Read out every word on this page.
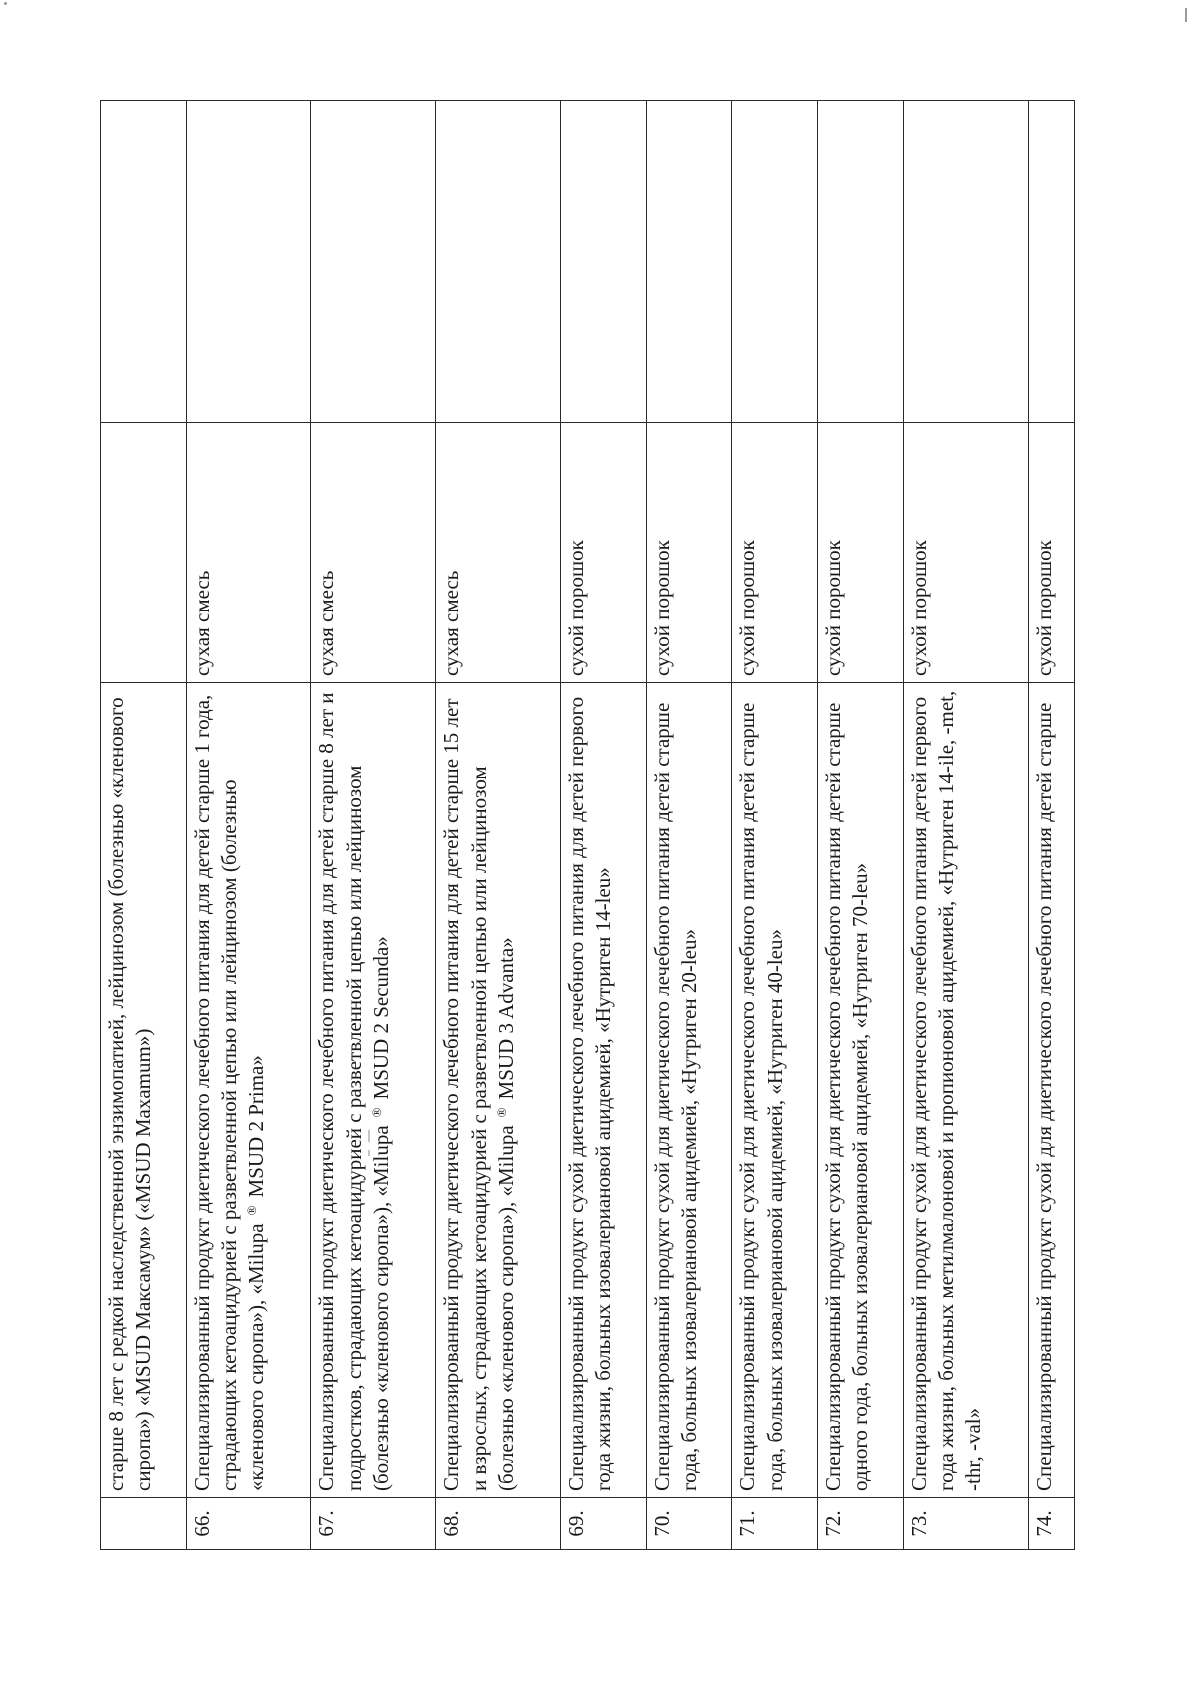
	старше 8 лет с редкой наследственной энзимопатией, лейцинозом (болезнью «кленового сиропа») «MSUD Максамум» («MSUD Maxamum»)		
66.	Специализированный продукт диетического лечебного питания для детей старше 1 года, страдающих кетоацидурией с разветвленной цепью или лейцинозом (болезнью «кленового сиропа»), «Milupa®MSUD 2 Prima»	сухая смесь	
67.	Специализированный продукт диетического лечебного питания для детей старше 8 лет и подростков, страдающих кетоацидурией с разветвленной цепью или лейцинозом (болезнью «кленового сиропа»), «Milupa®MSUD 2 Secunda»	сухая смесь	
68.	Специализированный продукт диетического лечебного питания для детей старше 15 лет и взрослых, страдающих кетоацидурией с разветвленной цепью или лейцинозом (болезнью «кленового сиропа»), «Milupa®MSUD 3 Advanta»	сухая смесь	
69.	Специализированный продукт сухой диетического лечебного питания для детей первого года жизни, больных изовалериановой ацидемией, «Нутриген 14-leu»	сухой порошок	
70.	Специализированный продукт сухой для диетического лечебного питания детей старше года, больных изовалериановой ацидемией, «Нутриген 20-leu»	сухой порошок	
71.	Специализированный продукт сухой для диетического лечебного питания детей старше года, больных изовалериановой ацидемией, «Нутриген 40-leu»	сухой порошок	
72.	Специализированный продукт сухой для диетического лечебного питания детей старше одного года, больных изовалериановой ацидемией, «Нутриген 70-leu»	сухой порошок	
73.	Специализированный продукт сухой для диетического лечебного питания детей первого года жизни, больных метилмалоновой и пропионовой ацидемией, «Нутриген 14-ile, -met, -thr, -val»	сухой порошок	
74.	Специализированный продукт сухой для диетического лечебного питания детей старше	сухой порошок	
